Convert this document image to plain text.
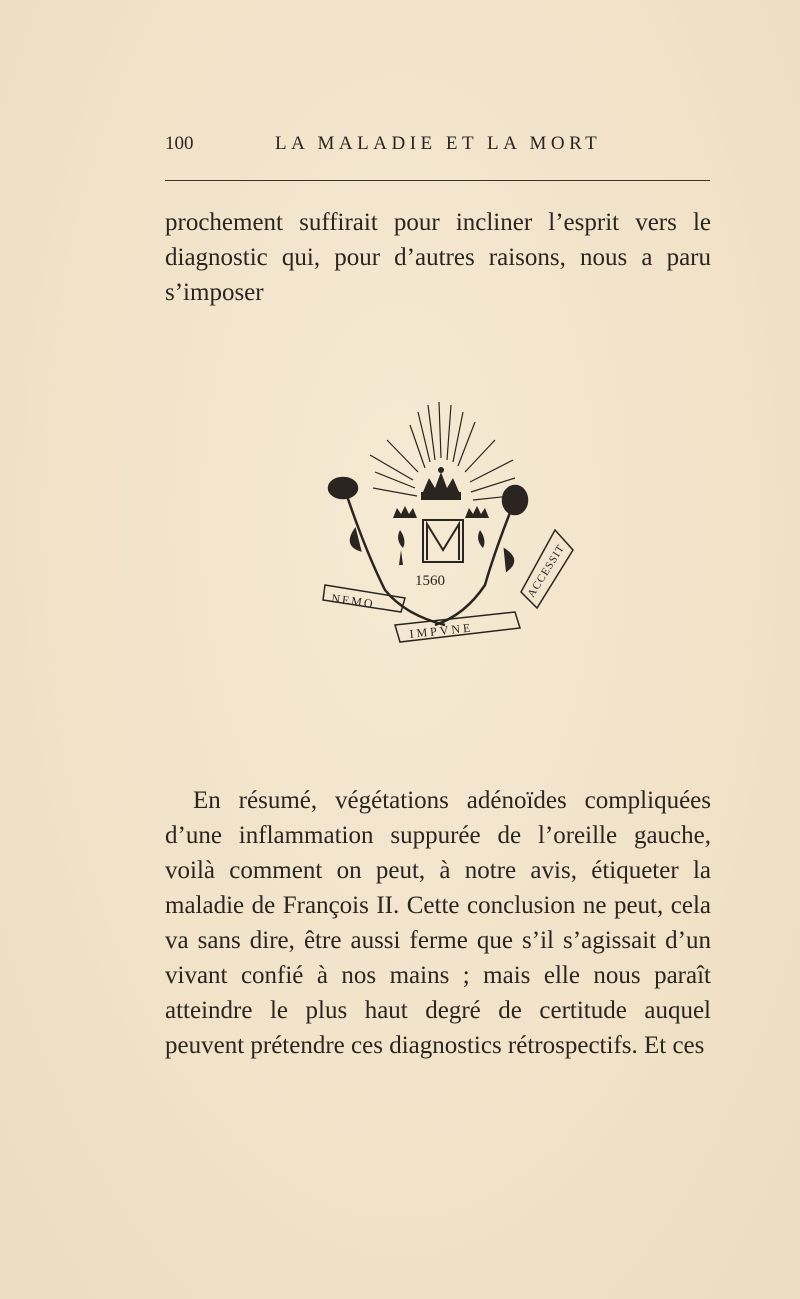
100	LA MALADIE ET LA MORT

prochement suffirait pour incliner l’esprit vers le diagnostic qui, pour d’autres raisons, nous a paru s’imposer

1560
NEMO
ACCESSIT
IMPVNE

En résumé, végétations adénoïdes compliquées d’une inflammation suppurée de l’oreille gauche, voilà comment on peut, à notre avis, étiqueter la maladie de François II. Cette conclusion ne peut, cela va sans dire, être aussi ferme que s’il s’agissait d’un vivant confié à nos mains ; mais elle nous paraît atteindre le plus haut degré de certitude auquel peuvent prétendre ces diagnostics rétrospectifs. Et ces
